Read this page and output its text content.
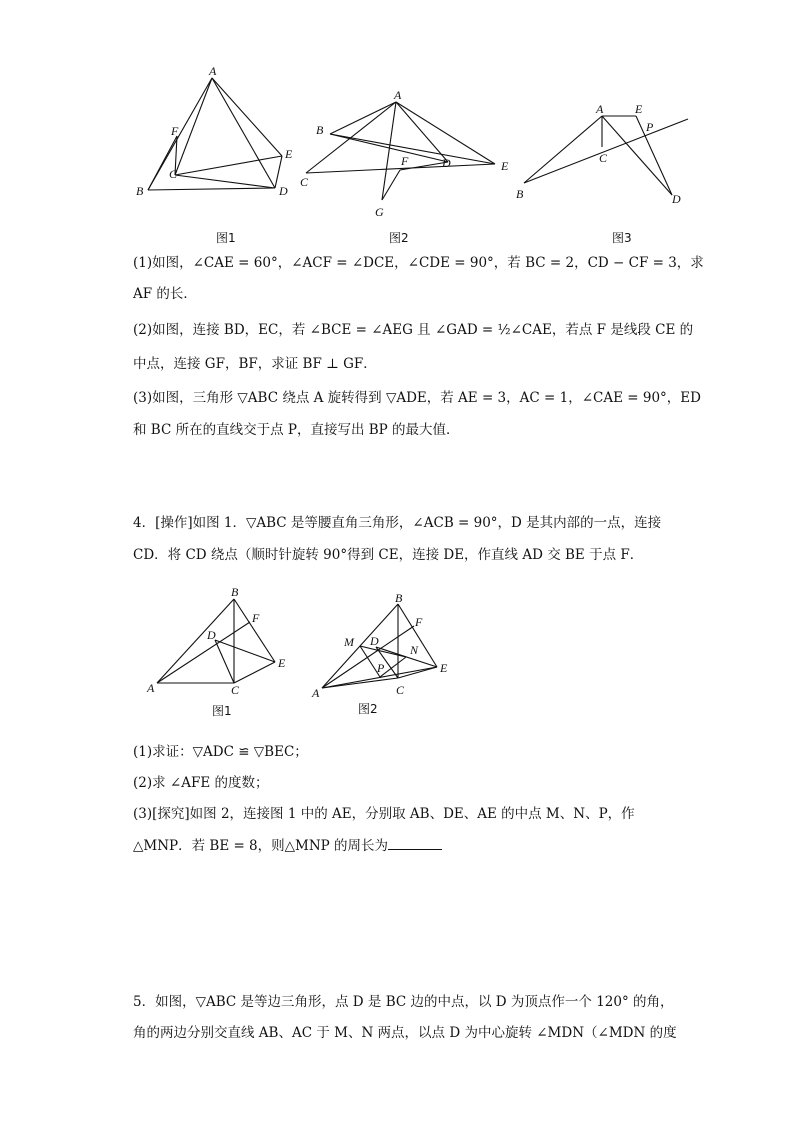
A
F
C
B
E
D
图1
A
B
C
F	D	E
G
图2
A	E
P
C
B	D
图3
(1)如图，∠CAE = 60°，∠ACF = ∠DCE，∠CDE = 90°，若 BC = 2，CD − CF = 3，求
AF 的长．
(2)如图，连接 BD，EC，若 ∠BCE = ∠AEG 且 ∠GAD = ½∠CAE，若点 F 是线段 CE 的
中点，连接 GF，BF，求证 BF ⊥ GF．
(3)如图，三角形 ▽ABC 绕点 A 旋转得到 ▽ADE，若 AE = 3，AC = 1，∠CAE = 90°，ED
和 BC 所在的直线交于点 P，直接写出 BP 的最大值．
4．[操作]如图 1．▽ABC 是等腰直角三角形，∠ACB = 90°，D 是其内部的一点，连接
CD．将 CD 绕点（顺时针旋转 90°得到 CE，连接 DE，作直线 AD 交 BE 于点 F．
B
F
D
E
A	C
图1
B
F
M D
N
P	E
A	C
图2
(1)求证：▽ADC ≌ ▽BEC；
(2)求 ∠AFE 的度数；
(3)[探究]如图 2，连接图 1 中的 AE，分别取 AB、DE、AE 的中点 M、N、P，作
△MNP．若 BE = 8，则△MNP 的周长为
5．如图，▽ABC 是等边三角形，点 D 是 BC 边的中点，以 D 为顶点作一个 120° 的角，
角的两边分别交直线 AB、AC 于 M、N 两点，以点 D 为中心旋转 ∠MDN（∠MDN 的度
